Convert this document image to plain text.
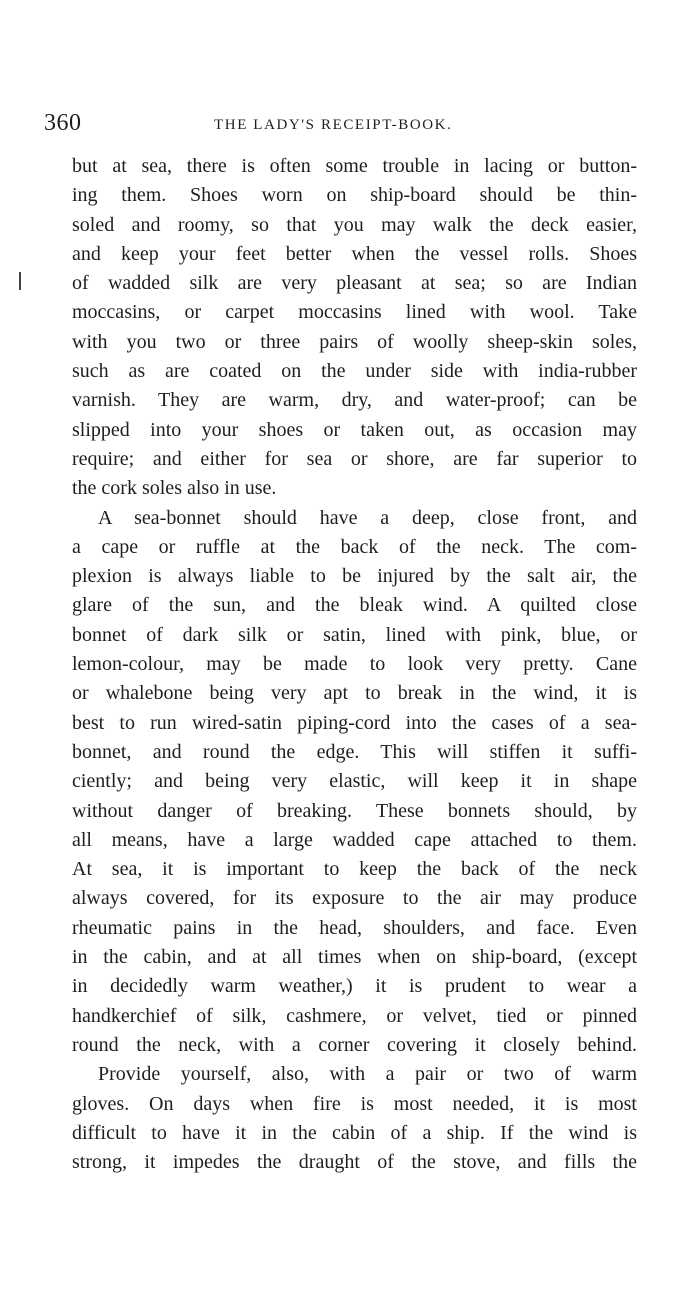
360	THE LADY'S RECEIPT-BOOK.
but at sea, there is often some trouble in lacing or button-
ing them. Shoes worn on ship-board should be thin-
soled and roomy, so that you may walk the deck easier,
and keep your feet better when the vessel rolls. Shoes
of wadded silk are very pleasant at sea; so are Indian
moccasins, or carpet moccasins lined with wool. Take
with you two or three pairs of woolly sheep-skin soles,
such as are coated on the under side with india-rubber
varnish. They are warm, dry, and water-proof; can be
slipped into your shoes or taken out, as occasion may
require; and either for sea or shore, are far superior to
the cork soles also in use.
A sea-bonnet should have a deep, close front, and
a cape or ruffle at the back of the neck. The com-
plexion is always liable to be injured by the salt air, the
glare of the sun, and the bleak wind. A quilted close
bonnet of dark silk or satin, lined with pink, blue, or
lemon-colour, may be made to look very pretty. Cane
or whalebone being very apt to break in the wind, it is
best to run wired-satin piping-cord into the cases of a sea-
bonnet, and round the edge. This will stiffen it suffi-
ciently; and being very elastic, will keep it in shape
without danger of breaking. These bonnets should, by
all means, have a large wadded cape attached to them.
At sea, it is important to keep the back of the neck
always covered, for its exposure to the air may produce
rheumatic pains in the head, shoulders, and face. Even
in the cabin, and at all times when on ship-board, (except
in decidedly warm weather,) it is prudent to wear a
handkerchief of silk, cashmere, or velvet, tied or pinned
round the neck, with a corner covering it closely behind.
Provide yourself, also, with a pair or two of warm
gloves. On days when fire is most needed, it is most
difficult to have it in the cabin of a ship. If the wind is
strong, it impedes the draught of the stove, and fills the
